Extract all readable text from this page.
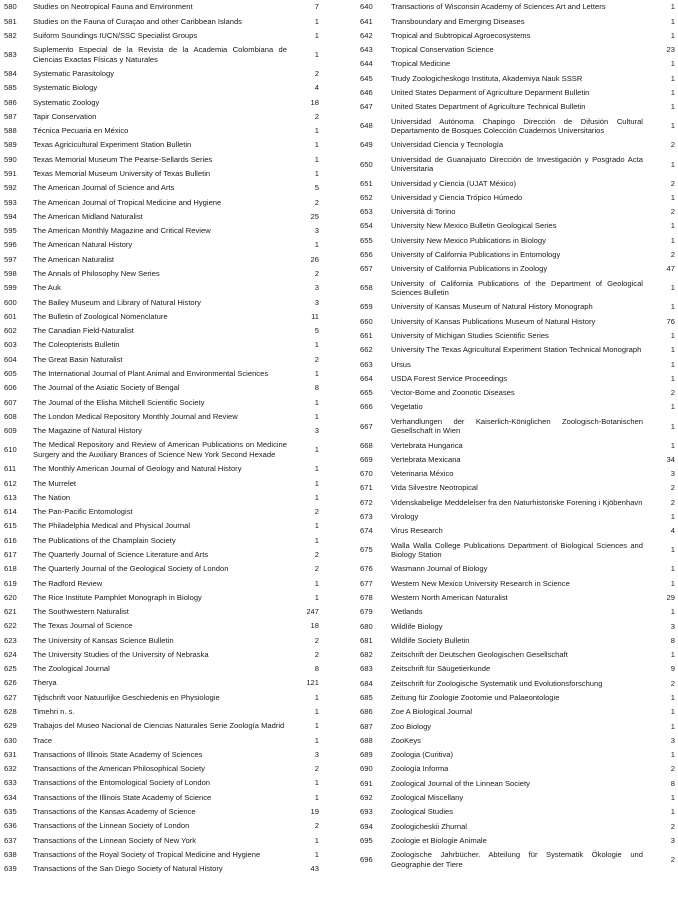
580	Studies on Neotropical Fauna and Environment	7
581	Studies on the Fauna of Curaçao and other Caribbean Islands	1
582	Suiform Soundings IUCN/SSC Specialist Groups	1
583	Suplemento Especial de la Revista de la Academia Colombiana de Ciencias Exactas Físicas y Naturales	1
584	Systematic Parasitology	2
585	Systematic Biology	4
586	Systematic Zoology	18
587	Tapir Conservation	2
588	Técnica Pecuaria en México	1
589	Texas Agricicultural Experiment Station Bulletin	1
590	Texas Memorial Museum The Pearse-Sellards Series	1
591	Texas Memorial Museum University of Texas Bulletin	1
592	The American Journal of Science and Arts	5
593	The American Journal of Tropical Medicine and Hygiene	2
594	The American Midland Naturalist	25
595	The American Monthly Magazine and Critical Review	3
596	The American Natural History	1
597	The American Naturalist	26
598	The Annals of Philosophy New Series	2
599	The Auk	3
600	The Bailey Museum and Library of Natural History	3
601	The Bulletin of Zoological Nomenclature	11
602	The Canadian Field-Naturalist	5
603	The Coleopterists Bulletin	1
604	The Great Basin Naturalist	2
605	The International Journal of Plant Animal and Environmental Sciences	1
606	The Journal of the Asiatic Society of Bengal	8
607	The Journal of the Elisha Mitchell Scientific Society	1
608	The London Medical Repository Monthly Journal and Review	1
609	The Magazine of Natural History	3
610	The Medical Repository and Review of American Publications on Medicine Surgery and the Auxiliary Brances of Science New York Second Hexade	1
611	The Monthly American Journal of Geology and Natural History	1
612	The Murrelet	1
613	The Nation	1
614	The Pan-Pacific Entomologist	2
615	The Philadelphia Medical and Physical Journal	1
616	The Publications of the Champlain Society	1
617	The Quarterly Journal of Science Literature and Arts	2
618	The Quarterly Journal of the Geological Society of London	2
619	The Radford Review	1
620	The Rice Institute Pamphlet Monograph in Biology	1
621	The Southwestern Naturalist	247
622	The Texas Journal of Science	18
623	The University of Kansas Science Bulletin	2
624	The University Studies of the University of Nebraska	2
625	The Zoological Journal	8
626	Therya	121
627	Tijdschrift voor Natuurlijke Geschiedenis en Physiologie	1
628	Timehri n. s.	1
629	Trabajos del Museo Nacional de Ciencias Naturales Serie Zoología Madrid	1
630	Trace	1
631	Transactions of Illinois State Academy of Sciences	3
632	Transactions of the American Philosophical Society	2
633	Transactions of the Entomological Society of London	1
634	Transactions of the Illinois State Academy of Science	1
635	Transactions of the Kansas Academy of Science	19
636	Transactions of the Linnean Society of London	2
637	Transactions of the Linnean Society of New York	1
638	Transactions of the Royal Society of Tropical Medicine and Hygiene	1
639	Transactions of the San Diego Society of Natural History	43
640	Transactions of Wisconsin Academy of Sciences Art and Letters	1
641	Transboundary and Emerging Diseases	1
642	Tropical and Subtropical Agroecosystems	1
643	Tropical Conservation Science	23
644	Tropical Medicine	1
645	Trudy Zoologicheskogo Instituta, Akademiya Nauk SSSR	1
646	United States Deparment of Agriculture Deparment Bulletin	1
647	United States Department of Agriculture Technical Bulletin	1
648	Universidad Autónoma Chapingo Dirección de Difusión Cultural Departamento de Bosques Colección Cuadernos Universitarios	1
649	Universidad Ciencia y Tecnología	2
650	Universidad de Guanajuato Dirección de Investigación y Posgrado Acta Universitaria	1
651	Universidad y Ciencia (UJAT México)	2
652	Universidad y Ciencia Trópico Húmedo	1
653	Università di Torino	2
654	University New Mexico Bulletin Geological Series	1
655	University New Mexico Publications in Biology	1
656	University of California Publications in Entomology	2
657	University of California Publications in Zoology	47
658	University of California Publications of the Department of Geological Sciences Bulletin	1
659	University of Kansas Museum of Natural History Monograph	1
660	University of Kansas Publications Museum of Natural History	76
661	University of Michigan Studies Scientific Series	1
662	University The Texas Agricultural Experiment Station Technical Monograph	1
663	Ursus	1
664	USDA Forest Service Proceedings	1
665	Vector-Borne and Zoonotic Diseases	2
666	Vegetatio	1
667	Verhandlungen der Kaiserlich-Königlichen Zoologisch-Botanischen Gesellschaft in Wien	1
668	Vertebrata Hungarica	1
669	Vertebrata Mexicana	34
670	Veterinaria México	3
671	Vida Silvestre Neotropical	2
672	Videnskabelige Meddelelser fra den Naturhistoriske Forening i Kjöbenhavn	2
673	Virology	1
674	Virus Research	4
675	Walla Walla College Publications Department of Biological Sciences and Biology Station	1
676	Wasmann Journal of Biology	1
677	Western New Mexico University Research in Science	1
678	Western North American Naturalist	29
679	Wetlands	1
680	Wildlife Biology	3
681	Wildlife Society Bulletin	8
682	Zeitschrift der Deutschen Geologischen Gesellschaft	1
683	Zeitschrift für Säugetierkunde	9
684	Zeitschrift für Zoologische Systematik und Evolutionsforschung	2
685	Zeitung für Zoologie Zootomie und Palaeontologie	1
686	Zoe A Biological Journal	1
687	Zoo Biology	1
688	ZooKeys	3
689	Zoologia (Curitiva)	1
690	Zoología Informa	2
691	Zoological Journal of the Linnean Society	8
692	Zoological Miscellany	1
693	Zoological Studies	1
694	Zoologicheskii Zhurnal	2
695	Zoologie et Biologie Animale	3
696	Zoologische Jahrbücher. Abteilung für Systematik Ökologie und Geographie der Tiere	2
